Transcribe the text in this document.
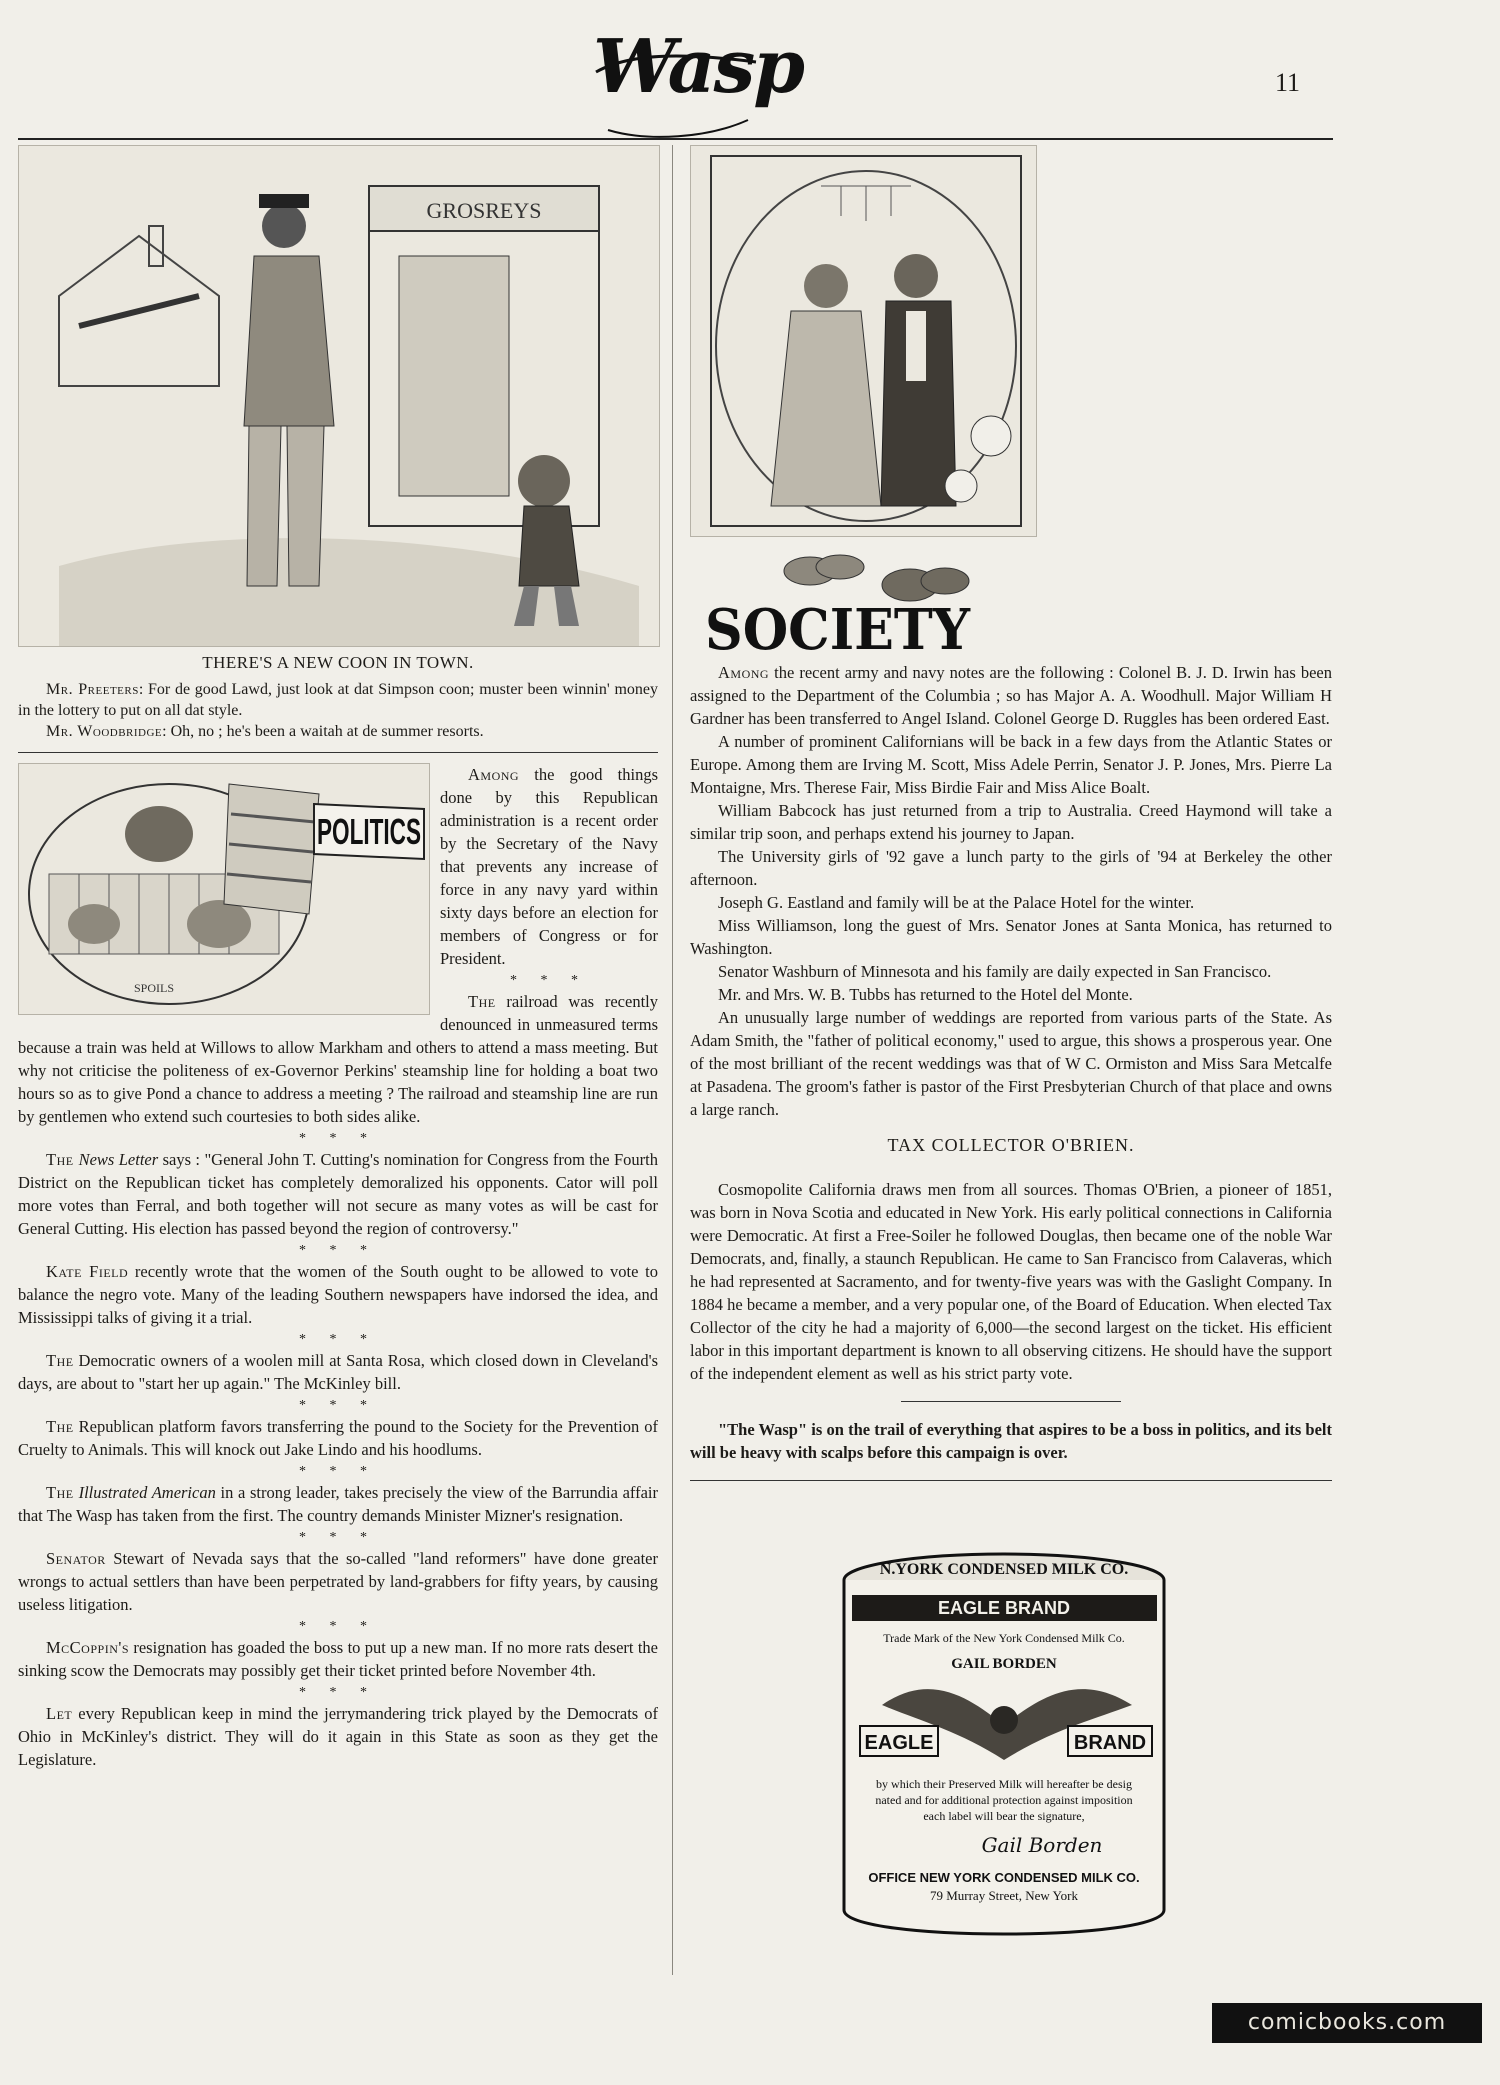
Wasp	11
GROSREYS
THERE'S A NEW COON IN TOWN.

Mr. Preeters: For de good Lawd, just look at dat Simpson coon; muster been winnin' money in the lottery to put on all dat style.

Mr. Woodbridge: Oh, no ; he's been a waitah at de summer resorts.

SPOILS
POLITICS

Among the good things done by this Republican administration is a recent order by the Secretary of the Navy that prevents any increase of force in any navy yard within sixty days before an election for members of Congress or for President.

* * *

The railroad was recently denounced in unmeasured terms because a train was held at Willows to allow Markham and others to attend a mass meeting. But why not criticise the politeness of ex-Governor Perkins' steamship line for holding a boat two hours so as to give Pond a chance to address a meeting ? The railroad and steamship line are run by gentlemen who extend such courtesies to both sides alike.

* * *

The News Letter says : "General John T. Cutting's nomination for Congress from the Fourth District on the Republican ticket has completely demoralized his opponents. Cator will poll more votes than Ferral, and both together will not secure as many votes as will be cast for General Cutting. His election has passed beyond the region of controversy."

* * *

Kate Field recently wrote that the women of the South ought to be allowed to vote to balance the negro vote. Many of the leading Southern newspapers have indorsed the idea, and Mississippi talks of giving it a trial.

* * *

The Democratic owners of a woolen mill at Santa Rosa, which closed down in Cleveland's days, are about to "start her up again." The McKinley bill.

* * *

The Republican platform favors transferring the pound to the Society for the Prevention of Cruelty to Animals. This will knock out Jake Lindo and his hoodlums.

* * *

The Illustrated American in a strong leader, takes precisely the view of the Barrundia affair that The Wasp has taken from the first. The country demands Minister Mizner's resignation.

* * *

Senator Stewart of Nevada says that the so-called "land reformers" have done greater wrongs to actual settlers than have been perpetrated by land-grabbers for fifty years, by causing useless litigation.

* * *

McCoppin's resignation has goaded the boss to put up a new man. If no more rats desert the sinking scow the Democrats may possibly get their ticket printed before November 4th.

* * *

Let every Republican keep in mind the jerrymandering trick played by the Democrats of Ohio in McKinley's district. They will do it again in this State as soon as they get the Legislature.

SOCIETY

Among the recent army and navy notes are the following : Colonel B. J. D. Irwin has been assigned to the Department of the Columbia ; so has Major A. A. Woodhull. Major William H Gardner has been transferred to Angel Island. Colonel George D. Ruggles has been ordered East.

A number of prominent Californians will be back in a few days from the Atlantic States or Europe. Among them are Irving M. Scott, Miss Adele Perrin, Senator J. P. Jones, Mrs. Pierre La Montaigne, Mrs. Therese Fair, Miss Birdie Fair and Miss Alice Boalt.

William Babcock has just returned from a trip to Australia. Creed Haymond will take a similar trip soon, and perhaps extend his journey to Japan.

The University girls of '92 gave a lunch party to the girls of '94 at Berkeley the other afternoon.

Joseph G. Eastland and family will be at the Palace Hotel for the winter.

Miss Williamson, long the guest of Mrs. Senator Jones at Santa Monica, has returned to Washington.

Senator Washburn of Minnesota and his family are daily expected in San Francisco.

Mr. and Mrs. W. B. Tubbs has returned to the Hotel del Monte.

An unusually large number of weddings are reported from various parts of the State. As Adam Smith, the "father of political economy," used to argue, this shows a prosperous year. One of the most brilliant of the recent weddings was that of W C. Ormiston and Miss Sara Metcalfe at Pasadena. The groom's father is pastor of the First Presbyterian Church of that place and owns a large ranch.

TAX COLLECTOR O'BRIEN.

Cosmopolite California draws men from all sources. Thomas O'Brien, a pioneer of 1851, was born in Nova Scotia and educated in New York. His early political connections in California were Democratic. At first a Free-Soiler he followed Douglas, then became one of the noble War Democrats, and, finally, a staunch Republican. He came to San Francisco from Calaveras, which he had represented at Sacramento, and for twenty-five years was with the Gaslight Company. In 1884 he became a member, and a very popular one, of the Board of Education. When elected Tax Collector of the city he had a majority of 6,000—the second largest on the ticket. His efficient labor in this important department is known to all observing citizens. He should have the support of the independent element as well as his strict party vote.

"The Wasp" is on the trail of everything that aspires to be a boss in politics, and its belt will be heavy with scalps before this campaign is over.

N.YORK CONDENSED MILK CO.
EAGLE BRAND
Trade Mark of the New York Condensed Milk Co.
GAIL BORDEN
EAGLE	BRAND
by which their Preserved Milk will hereafter be desig
nated and for additional protection against imposition
each label will bear the signature,
Gail Borden
OFFICE NEW YORK CONDENSED MILK CO.
79 Murray Street, New York
comicbooks.com
